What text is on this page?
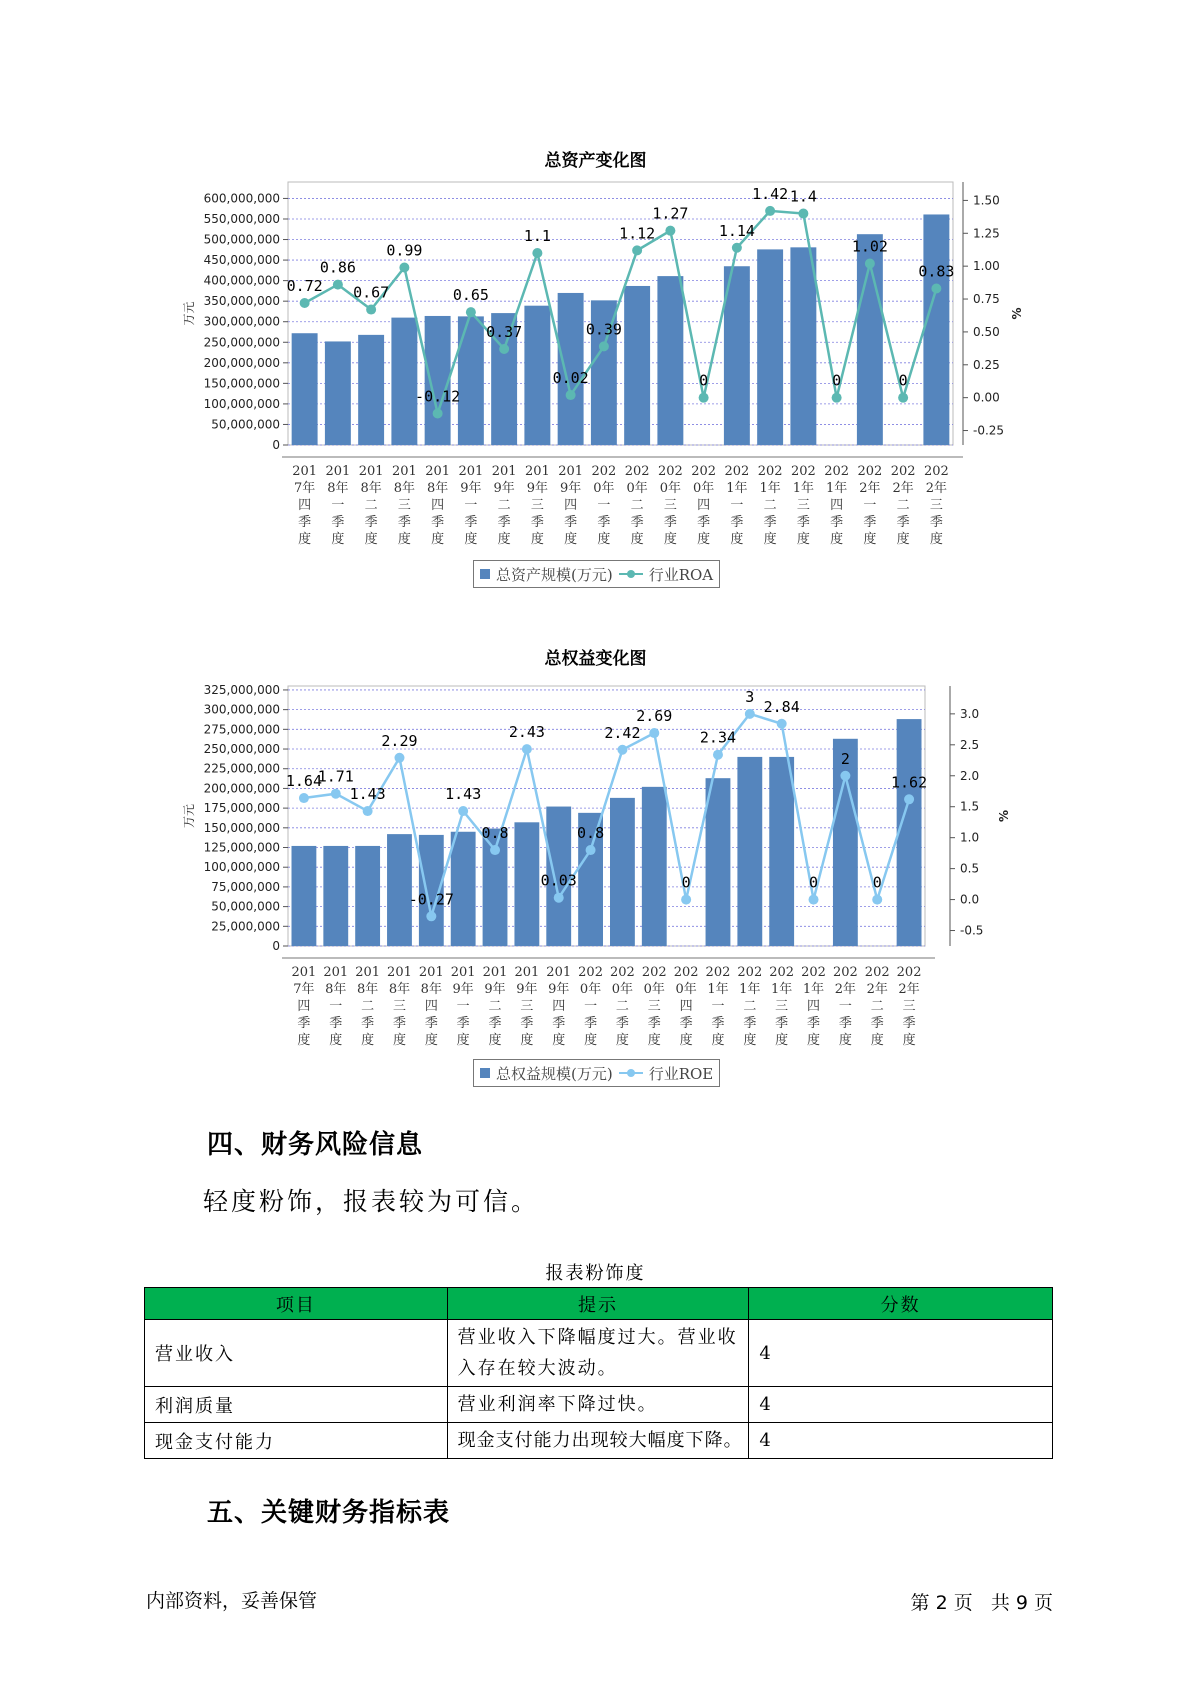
总资产变化图
0
50,000,000
100,000,000
150,000,000
200,000,000
250,000,000
300,000,000
350,000,000
400,000,000
450,000,000
500,000,000
550,000,000
600,000,000
-0.25
0.00
0.25
0.50
0.75
1.00
1.25
1.50
万元	%
201 7年四季度
201 8年一季度
201 8年二季度
201 8年三季度
201 8年四季度
201 9年一季度
201 9年二季度
201 9年三季度
201 9年四季度
202 0年一季度
202 0年二季度
202 0年三季度
202 0年四季度
202 1年一季度
202 1年二季度
202 1年三季度
202 1年四季度
202 2年一季度
202 2年二季度
202 2年三季度
0.72
0.86
0.67
0.99
-0.12
0.65
0.37
1.1
0.02
0.39
1.12
1.27
0
1.14
1.42 1.4
0
1.02
0
0.83
总资产规模(万元) 行业ROA
总权益变化图
0
25,000,000
50,000,000
75,000,000
100,000,000
125,000,000
150,000,000
175,000,000
200,000,000
225,000,000
250,000,000
275,000,000
300,000,000
325,000,000
-0.5
0.0
0.5
1.0
1.5
2.0
2.5
3.0
万元	%
201 7年四季度
201 8年一季度
201 8年二季度
201 8年三季度
201 8年四季度
201 9年一季度
201 9年二季度
201 9年三季度
201 9年四季度
202 0年一季度
202 0年二季度
202 0年三季度
202 0年四季度
202 1年一季度
202 1年二季度
202 1年三季度
202 1年四季度
202 2年一季度
202 2年二季度
202 2年三季度
1.64
1.71
1.43
2.29
-0.27
1.43
0.8
2.43
0.03
0.8
2.42
2.69
0
2.34
3
2.84
0
2
0
1.62
总权益规模(万元) 行业ROE
四、财务风险信息
轻度粉饰，报表较为可信。
报表粉饰度
项目	提示	分数
营业收入	营业收入下降幅度过大。营业收入存在较大波动。	4
利润质量	营业利润率下降过快。	4
现金支付能力	现金支付能力出现较大幅度下降。	4
五、关键财务指标表
内部资料，妥善保管	第 2 页   共 9 页
